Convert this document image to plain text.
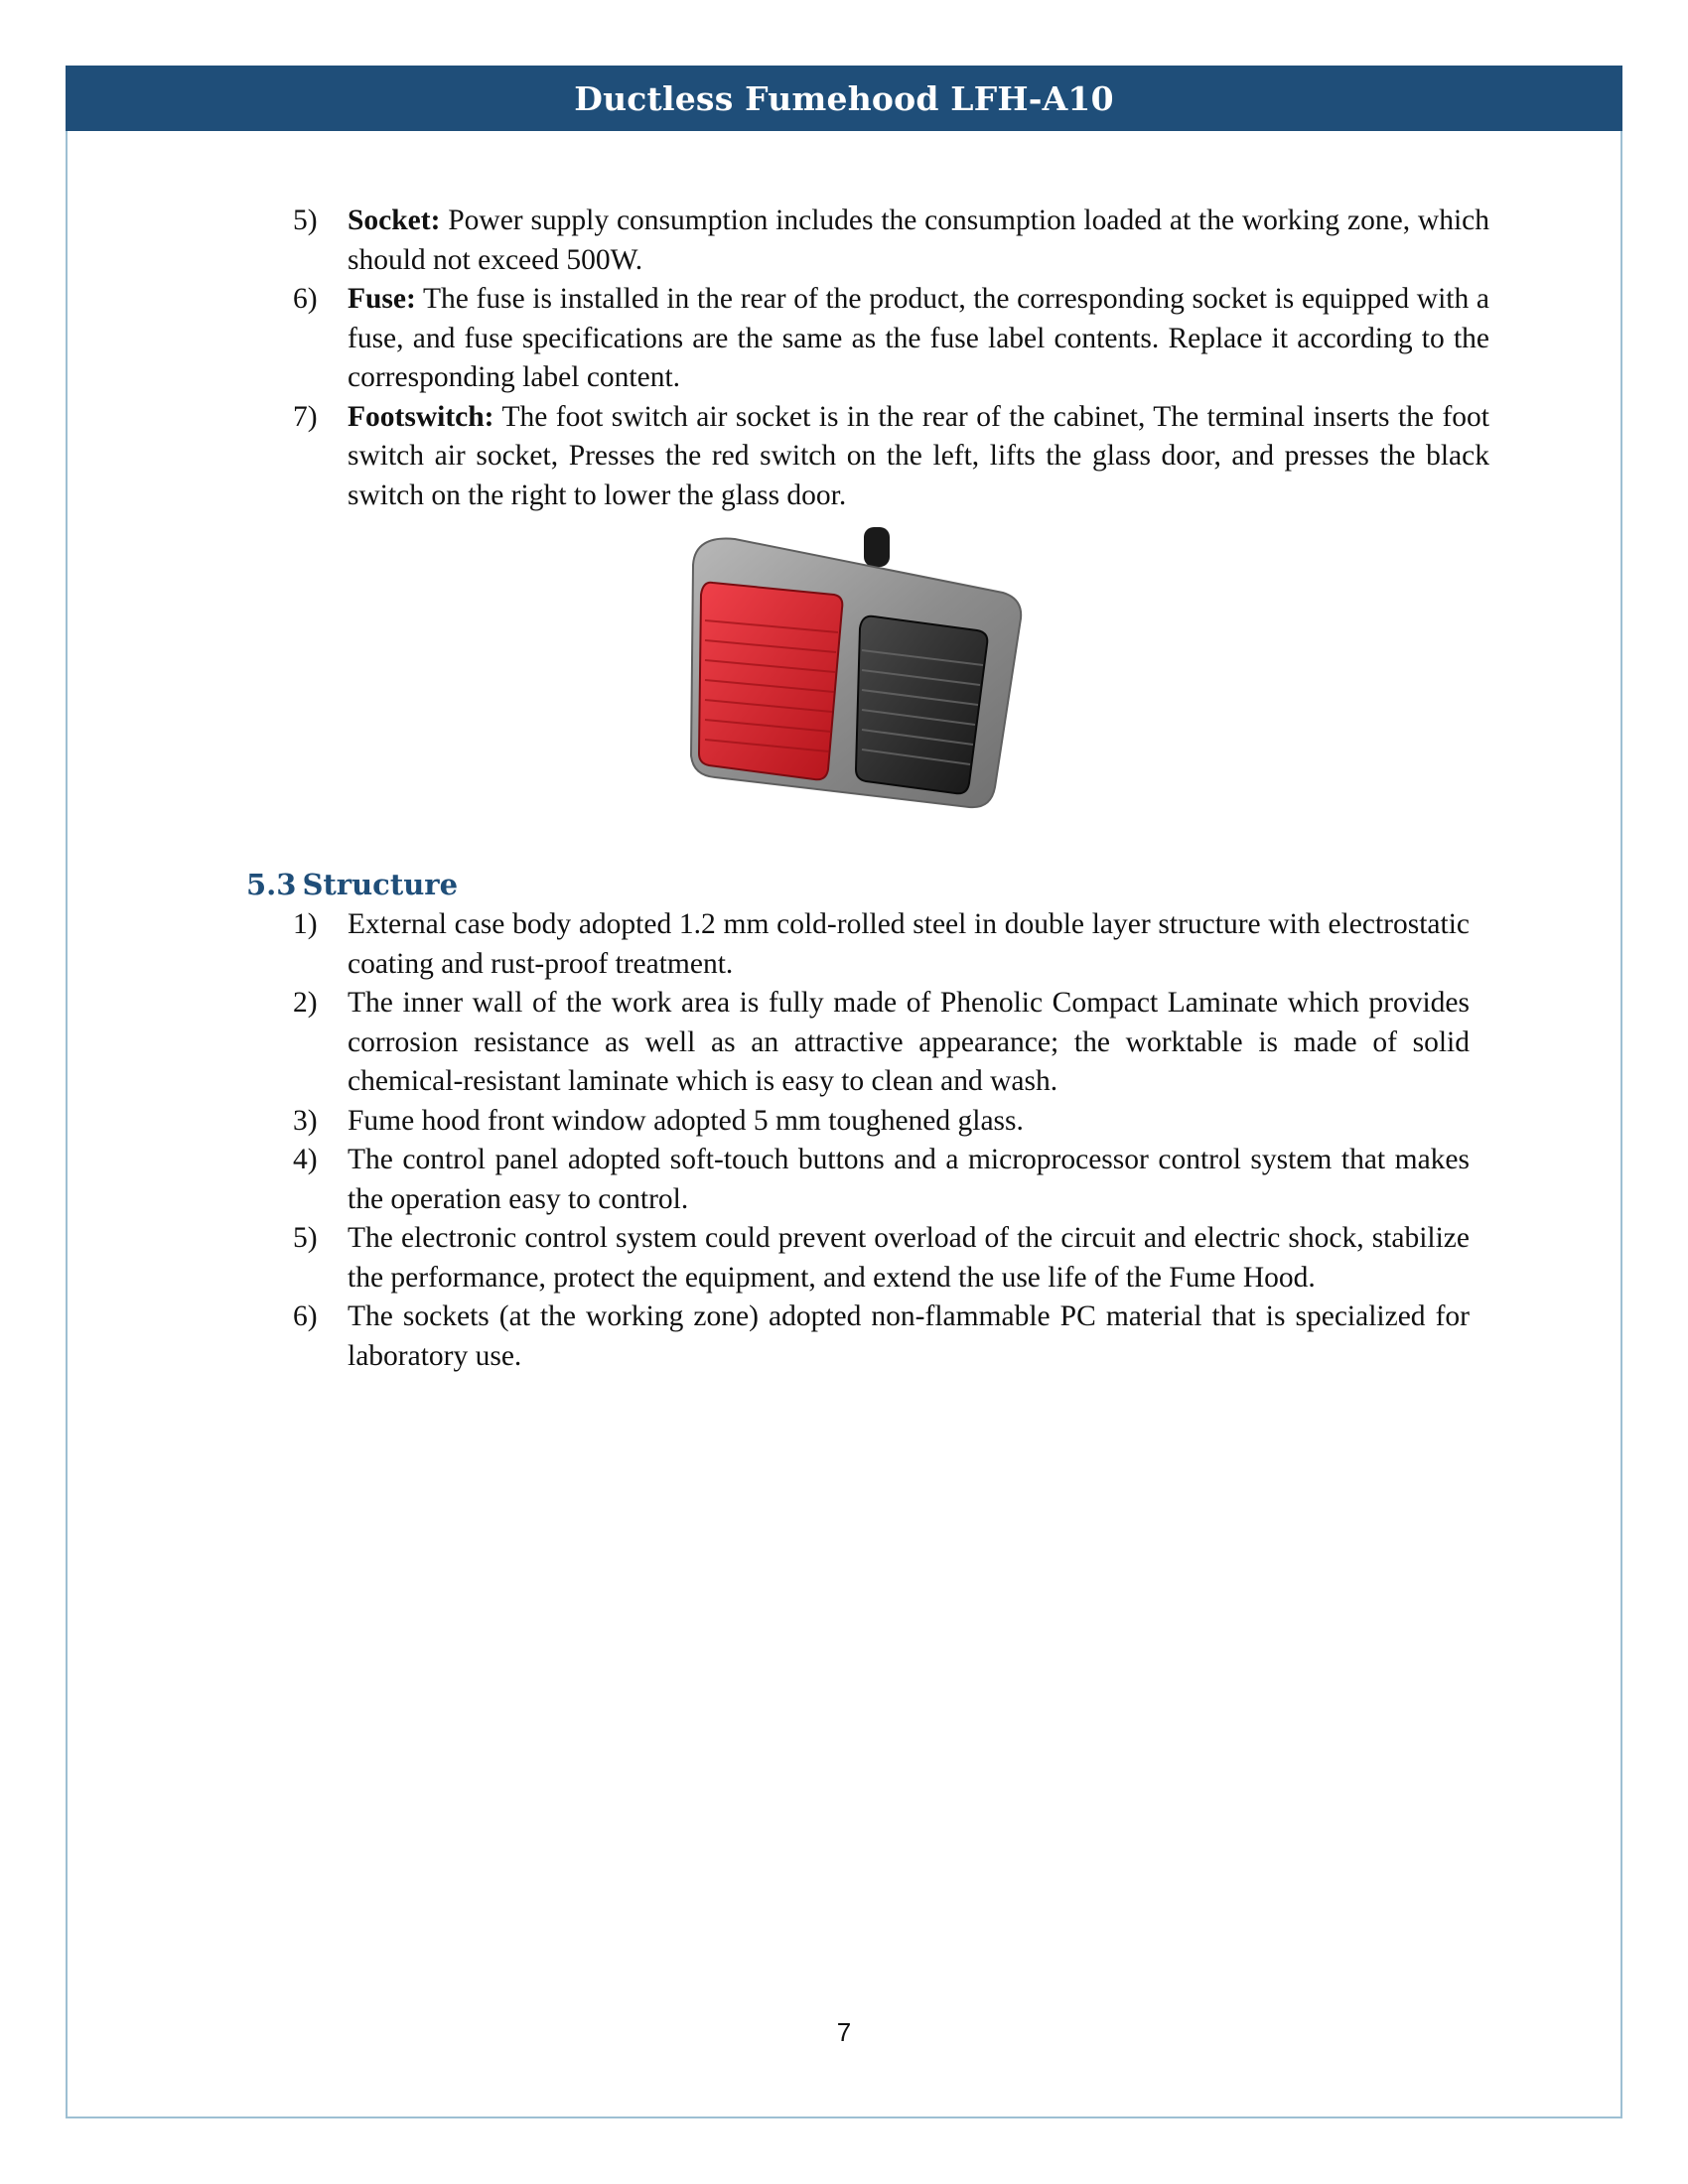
Ductless Fumehood LFH-A10
5) Socket: Power supply consumption includes the consumption loaded at the working zone, which should not exceed 500W.
6) Fuse: The fuse is installed in the rear of the product, the corresponding socket is equipped with a fuse, and fuse specifications are the same as the fuse label contents. Replace it according to the corresponding label content.
7) Footswitch: The foot switch air socket is in the rear of the cabinet, The terminal inserts the foot switch air socket, Presses the red switch on the left, lifts the glass door, and presses the black switch on the right to lower the glass door.
5.3 Structure
1) External case body adopted 1.2 mm cold-rolled steel in double layer structure with electrostatic coating and rust-proof treatment.
2) The inner wall of the work area is fully made of Phenolic Compact Laminate which provides corrosion resistance as well as an attractive appearance; the worktable is made of solid chemical-resistant laminate which is easy to clean and wash.
3) Fume hood front window adopted 5 mm toughened glass.
4) The control panel adopted soft-touch buttons and a microprocessor control system that makes the operation easy to control.
5) The electronic control system could prevent overload of the circuit and electric shock, stabilize the performance, protect the equipment, and extend the use life of the Fume Hood.
6) The sockets (at the working zone) adopted non-flammable PC material that is specialized for laboratory use.
7
